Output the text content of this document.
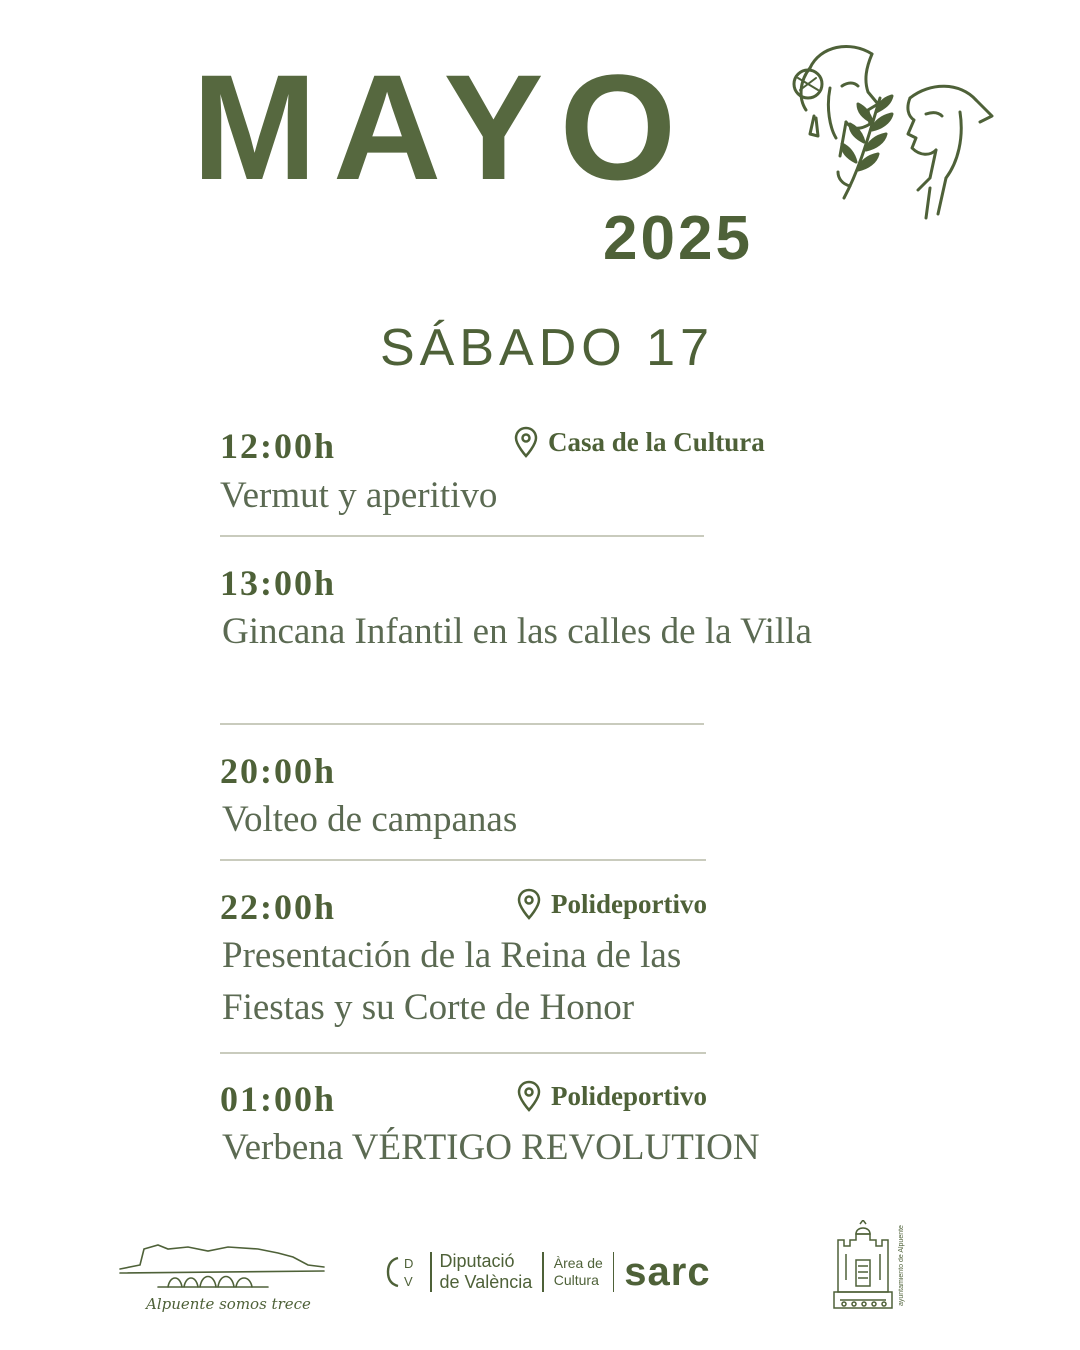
MAYO
2025
SÁBADO 17
12:00h	Casa de la Cultura
Vermut y aperitivo
13:00h
Gincana Infantil en las calles de la Villa
20:00h
Volteo de campanas
22:00h	Polideportivo
Presentación de la Reina de las Fiestas y su Corte de Honor
01:00h	Polideportivo
Verbena VÉRTIGO REVOLUTION
Alpuente somos trece
D
V
Diputació
de València
Àrea de
Cultura sarc	ayuntamiento de Alpuente
